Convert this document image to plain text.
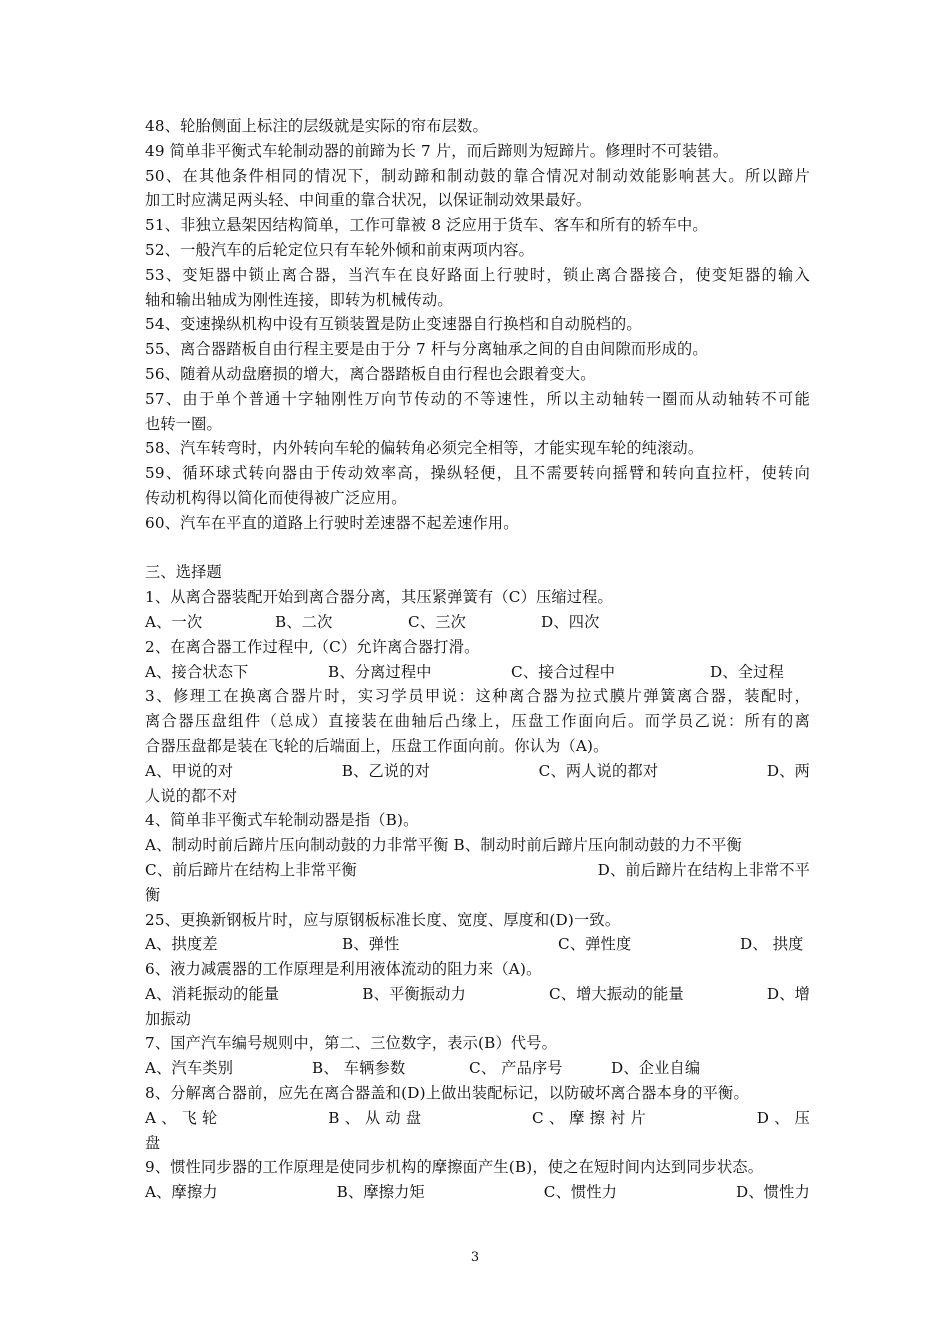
48、轮胎侧面上标注的层级就是实际的帘布层数。
49 简单非平衡式车轮制动器的前蹄为长 7 片，而后蹄则为短蹄片。修理时不可装错。
50、在其他条件相同的情况下，制动蹄和制动鼓的靠合情况对制动效能影响甚大。所以蹄片
加工时应满足两头轻、中间重的靠合状况，以保证制动效果最好。
51、非独立悬架因结构简单，工作可靠被 8 泛应用于货车、客车和所有的轿车中。
52、一般汽车的后轮定位只有车轮外倾和前束两项内容。
53、变矩器中锁止离合器，当汽车在良好路面上行驶时，锁止离合器接合，使变矩器的输入
轴和输出轴成为刚性连接，即转为机械传动。
54、变速操纵机构中设有互锁装置是防止变速器自行换档和自动脱档的。
55、离合器踏板自由行程主要是由于分 7 杆与分离轴承之间的自由间隙而形成的。
56、随着从动盘磨损的增大，离合器踏板自由行程也会跟着变大。
57、由于单个普通十字轴刚性万向节传动的不等速性，所以主动轴转一圈而从动轴转不可能
也转一圈。
58、汽车转弯时，内外转向车轮的偏转角必须完全相等，才能实现车轮的纯滚动。
59、循环球式转向器由于传动效率高，操纵轻便，且不需要转向摇臂和转向直拉杆，使转向
传动机构得以简化而使得被广泛应用。
60、汽车在平直的道路上行驶时差速器不起差速作用。
三、选择题
1、从离合器装配开始到离合器分离，其压紧弹簧有（C）压缩过程。
A、一次	B、二次	C、三次	D、四次
2、在离合器工作过程中,（C）允许离合器打滑。
A、接合状态下	B、分离过程中	C、接合过程中	D、全过程
3、修理工在换离合器片时，实习学员甲说：这种离合器为拉式膜片弹簧离合器，装配时，
离合器压盘组件（总成）直接装在曲轴后凸缘上，压盘工作面向后。而学员乙说：所有的离
合器压盘都是装在飞轮的后端面上，压盘工作面向前。你认为（A)。
A、甲说的对	B、乙说的对	C、两人说的都对	D、两
人说的都不对
4、简单非平衡式车轮制动器是指（B)。
A、制动时前后蹄片压向制动鼓的力非常平衡 B、制动时前后蹄片压向制动鼓的力不平衡
C、前后蹄片在结构上非常平衡	D、前后蹄片在结构上非常不平
衡
25、更换新钢板片时，应与原钢板标准长度、宽度、厚度和(D)一致。
A、拱度差	B、弹性	C、弹性度	D、 拱度
6、液力减震器的工作原理是利用液体流动的阻力来（A)。
A、消耗振动的能量	B、平衡振动力	C、增大振动的能量	D、增
加振动
7、国产汽车编号规则中，第二、三位数字，表示(B）代号。
A、汽车类别	B、 车辆参数	C、 产品序号	D、企业自编
8、分解离合器前，应先在离合器盖和(D)上做出装配标记，以防破坏离合器本身的平衡。
A 、 飞 轮	B 、 从 动 盘	C 、 摩 擦 衬 片	D 、 压
盘
9、惯性同步器的工作原理是使同步机构的摩擦面产生(B)，使之在短时间内达到同步状态。
A、摩擦力	B、摩擦力矩	C、惯性力	D、惯性力
3
